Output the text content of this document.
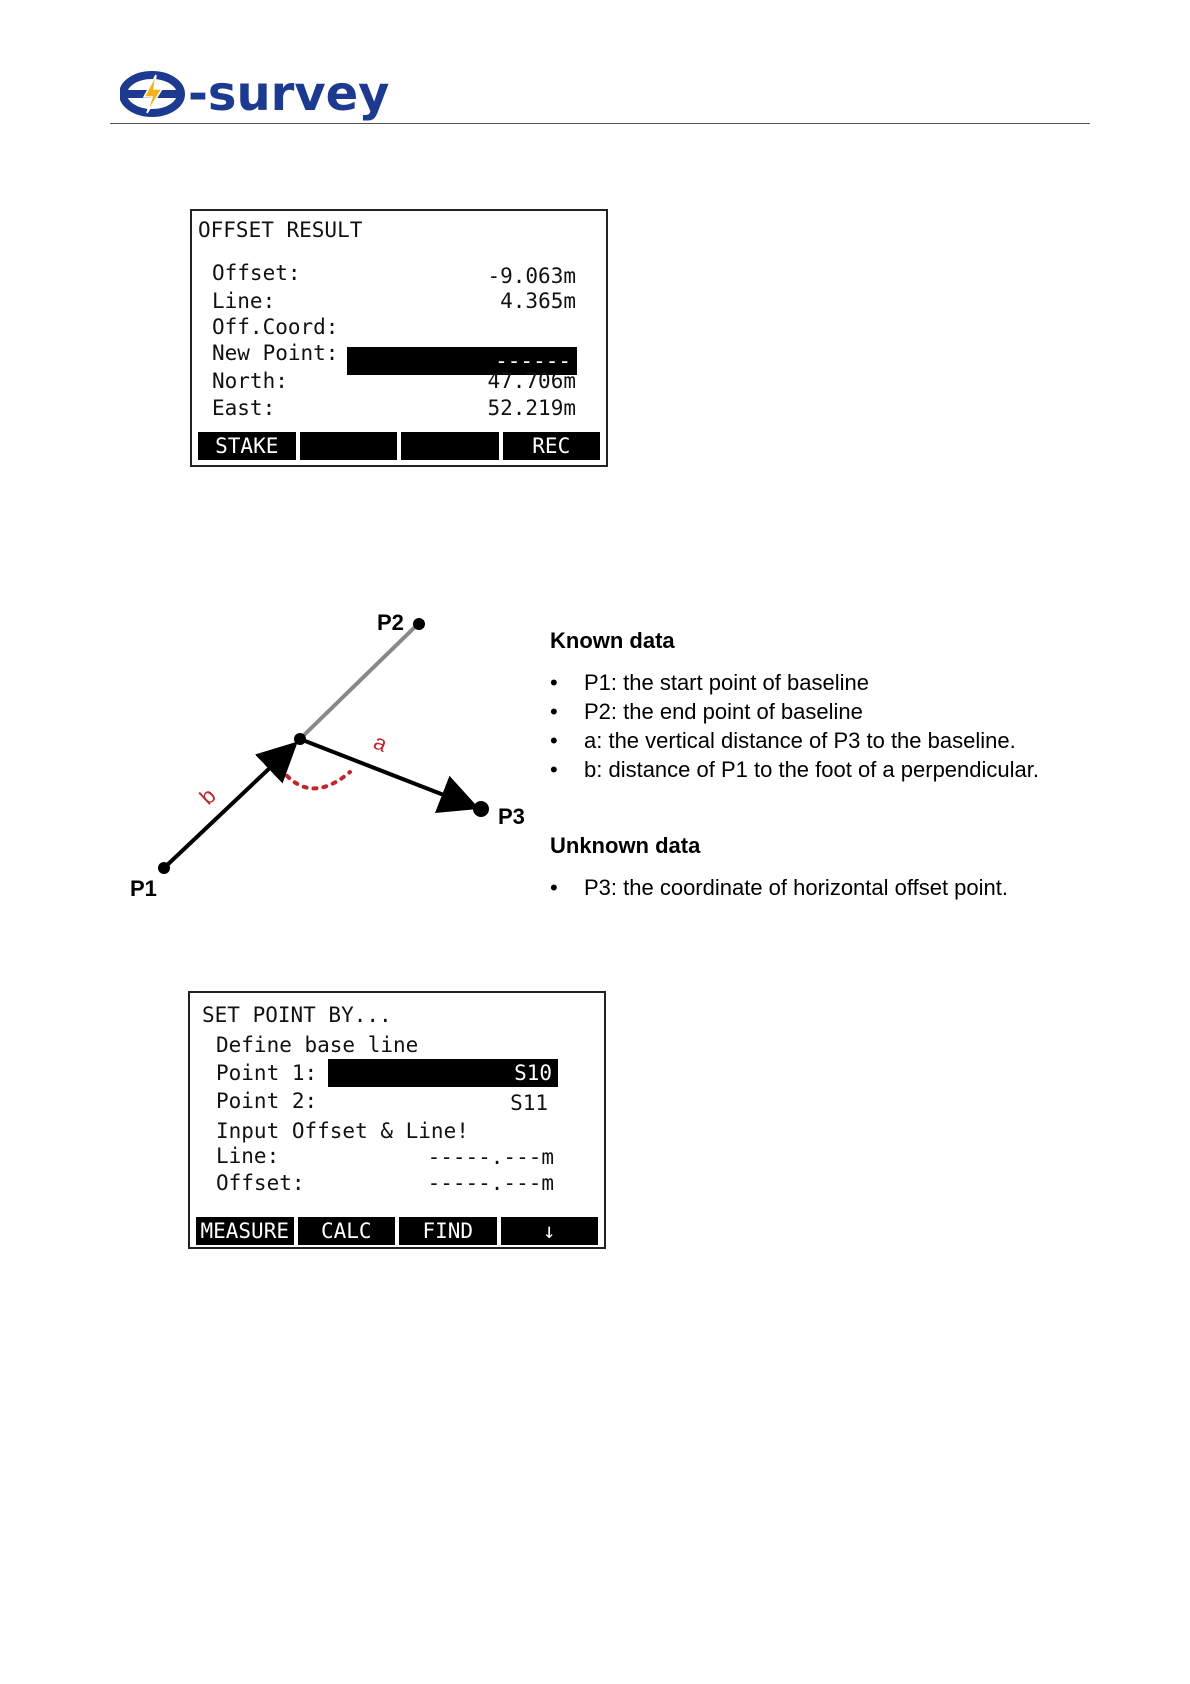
-survey
OFFSET RESULT
Offset:	-9.063m
Line:	4.365m
Off.Coord:
New Point:	------
North:	47.706m
East:	52.219m
STAKE	REC
P2
P3
P1
a
b
Known data
• P1: the start point of baseline
• P2: the end point of baseline
• a: the vertical distance of P3 to the baseline.
• b: distance of P1 to the foot of a perpendicular.
Unknown data
• P3: the coordinate of horizontal offset point.
SET POINT BY...
Define base line
Point 1:	S10
Point 2:	S11
Input Offset & Line!
Line:	-----.---m
Offset:	-----.---m
MEASURE	CALC	FIND	↓
